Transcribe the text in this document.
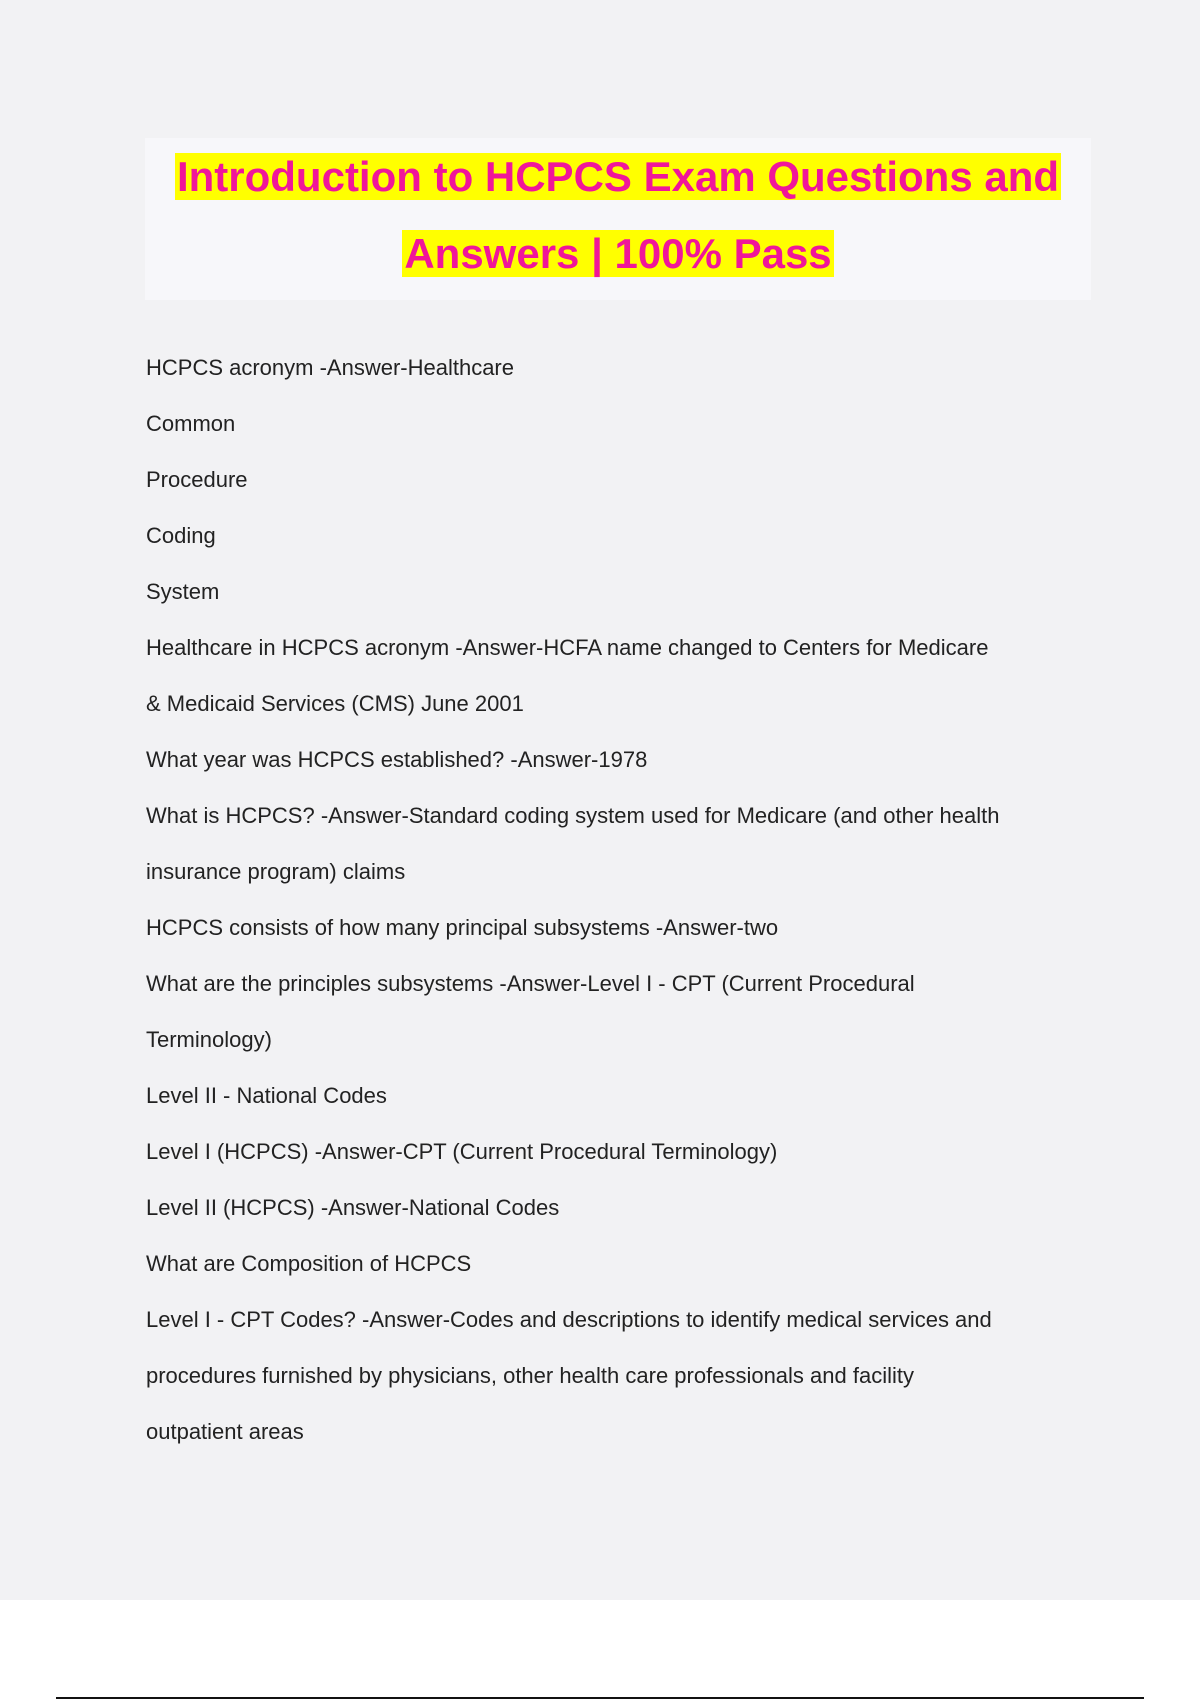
Introduction to HCPCS Exam Questions and
Answers | 100% Pass
HCPCS acronym -Answer-Healthcare
Common
Procedure
Coding
System
Healthcare in HCPCS acronym -Answer-HCFA name changed to Centers for Medicare
& Medicaid Services (CMS) June 2001
What year was HCPCS established? -Answer-1978
What is HCPCS? -Answer-Standard coding system used for Medicare (and other health
insurance program) claims
HCPCS consists of how many principal subsystems -Answer-two
What are the principles subsystems -Answer-Level I - CPT (Current Procedural
Terminology)
Level II - National Codes
Level I (HCPCS) -Answer-CPT (Current Procedural Terminology)
Level II (HCPCS) -Answer-National Codes
What are Composition of HCPCS
Level I - CPT Codes? -Answer-Codes and descriptions to identify medical services and
procedures furnished by physicians, other health care professionals and facility
outpatient areas
